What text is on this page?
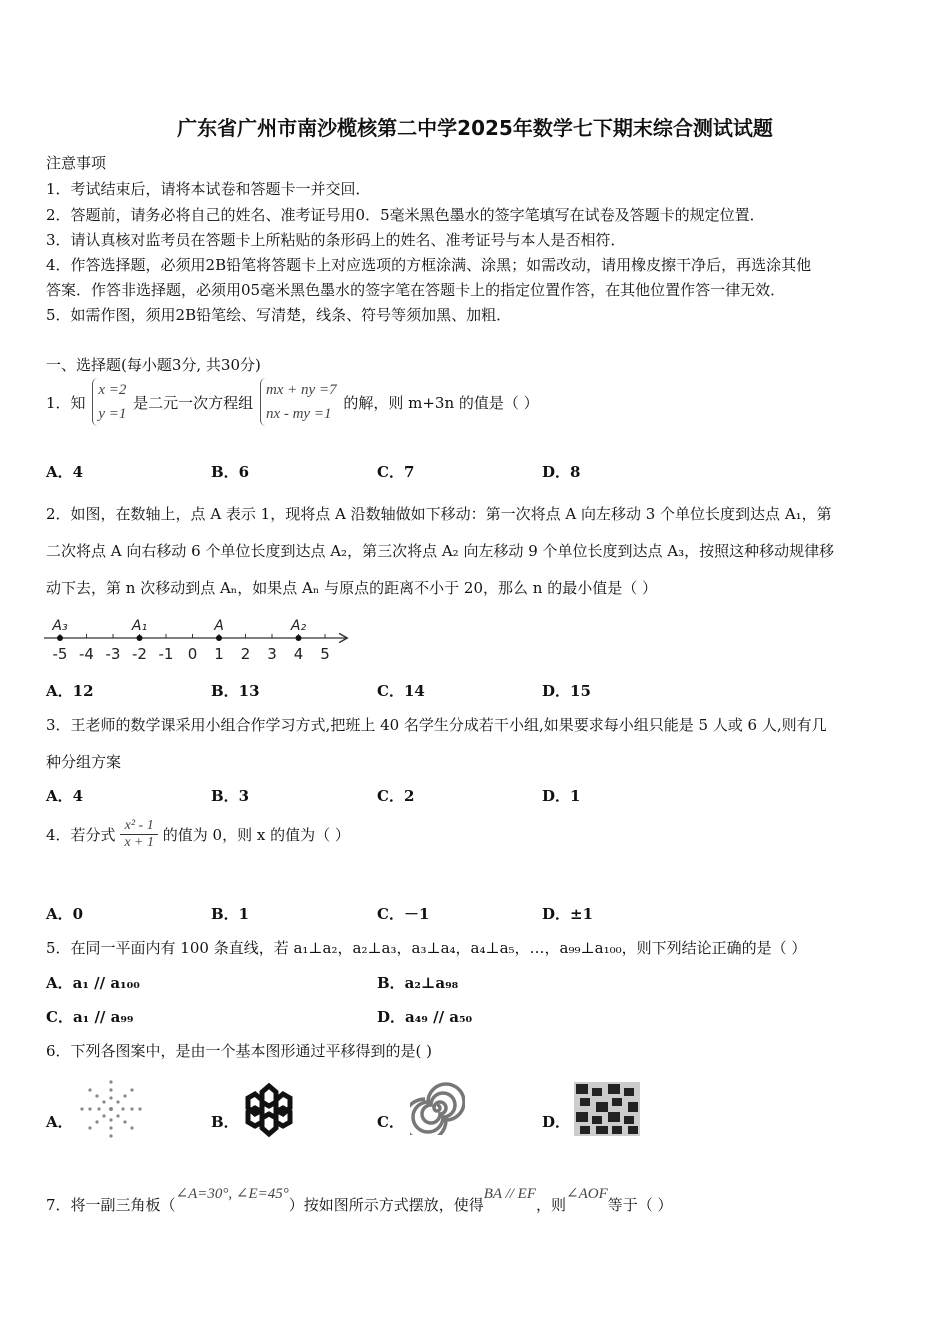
广东省广州市南沙榄核第二中学2025年数学七下期末综合测试试题
注意事项
1．考试结束后，请将本试卷和答题卡一并交回．
2．答题前，请务必将自己的姓名、准考证号用0．5毫米黑色墨水的签字笔填写在试卷及答题卡的规定位置．
3．请认真核对监考员在答题卡上所粘贴的条形码上的姓名、准考证号与本人是否相符．
4．作答选择题，必须用2B铅笔将答题卡上对应选项的方框涂满、涂黑；如需改动，请用橡皮擦干净后，再选涂其他
答案．作答非选择题，必须用05毫米黑色墨水的签字笔在答题卡上的指定位置作答，在其他位置作答一律无效．
5．如需作图，须用2B铅笔绘、写清楚，线条、符号等须加黑、加粗．
一、选择题(每小题3分, 共30分)
1．知
x =2
y =1
是二元一次方程组
mx + ny =7
nx - my =1
的解，则 m+3n 的值是（ ）
A．4	B．6	C．7	D．8
2．如图，在数轴上，点 A 表示 1，现将点 A 沿数轴做如下移动：第一次将点 A 向左移动 3 个单位长度到达点 A₁，第
二次将点 A 向右移动 6 个单位长度到达点 A₂，第三次将点 A₂ 向左移动 9 个单位长度到达点 A₃，按照这种移动规律移
动下去，第 n 次移动到点 Aₙ，如果点 Aₙ 与原点的距离不小于 20，那么 n 的最小值是（ ）
-5 -4 -3 -2 -1 0 1 2 3 4 5
A₃	A₁	A	A₂
A．12	B．13	C．14	D．15
3．王老师的数学课采用小组合作学习方式,把班上 40 名学生分成若干小组,如果要求每小组只能是 5 人或 6 人,则有几
种分组方案
A．4	B．3	C．2	D．1
4．若分式 $\frac{\text{x² - 1}}{x + 1}$ 的值为 0，则 x 的值为（ ）
A．0	B．1	C．－1	D．±1
5．在同一平面内有 100 条直线，若 a₁⊥a₂，a₂⊥a₃，a₃⊥a₄，a₄⊥a₅，…，a₉₉⊥a₁₀₀，则下列结论正确的是（ ）
A．a₁ // a₁₀₀	B．a₂⊥a₉₈
C．a₁ // a₉₉	D．a₄₉ // a₅₀
6．下列各图案中，是由一个基本图形通过平移得到的是( )
A．	B．	C．	D．
7．将一副三角板（∠A=30°, ∠E=45°）按如图所示方式摆放，使得BA // EF，则∠AOF等于（ ）
